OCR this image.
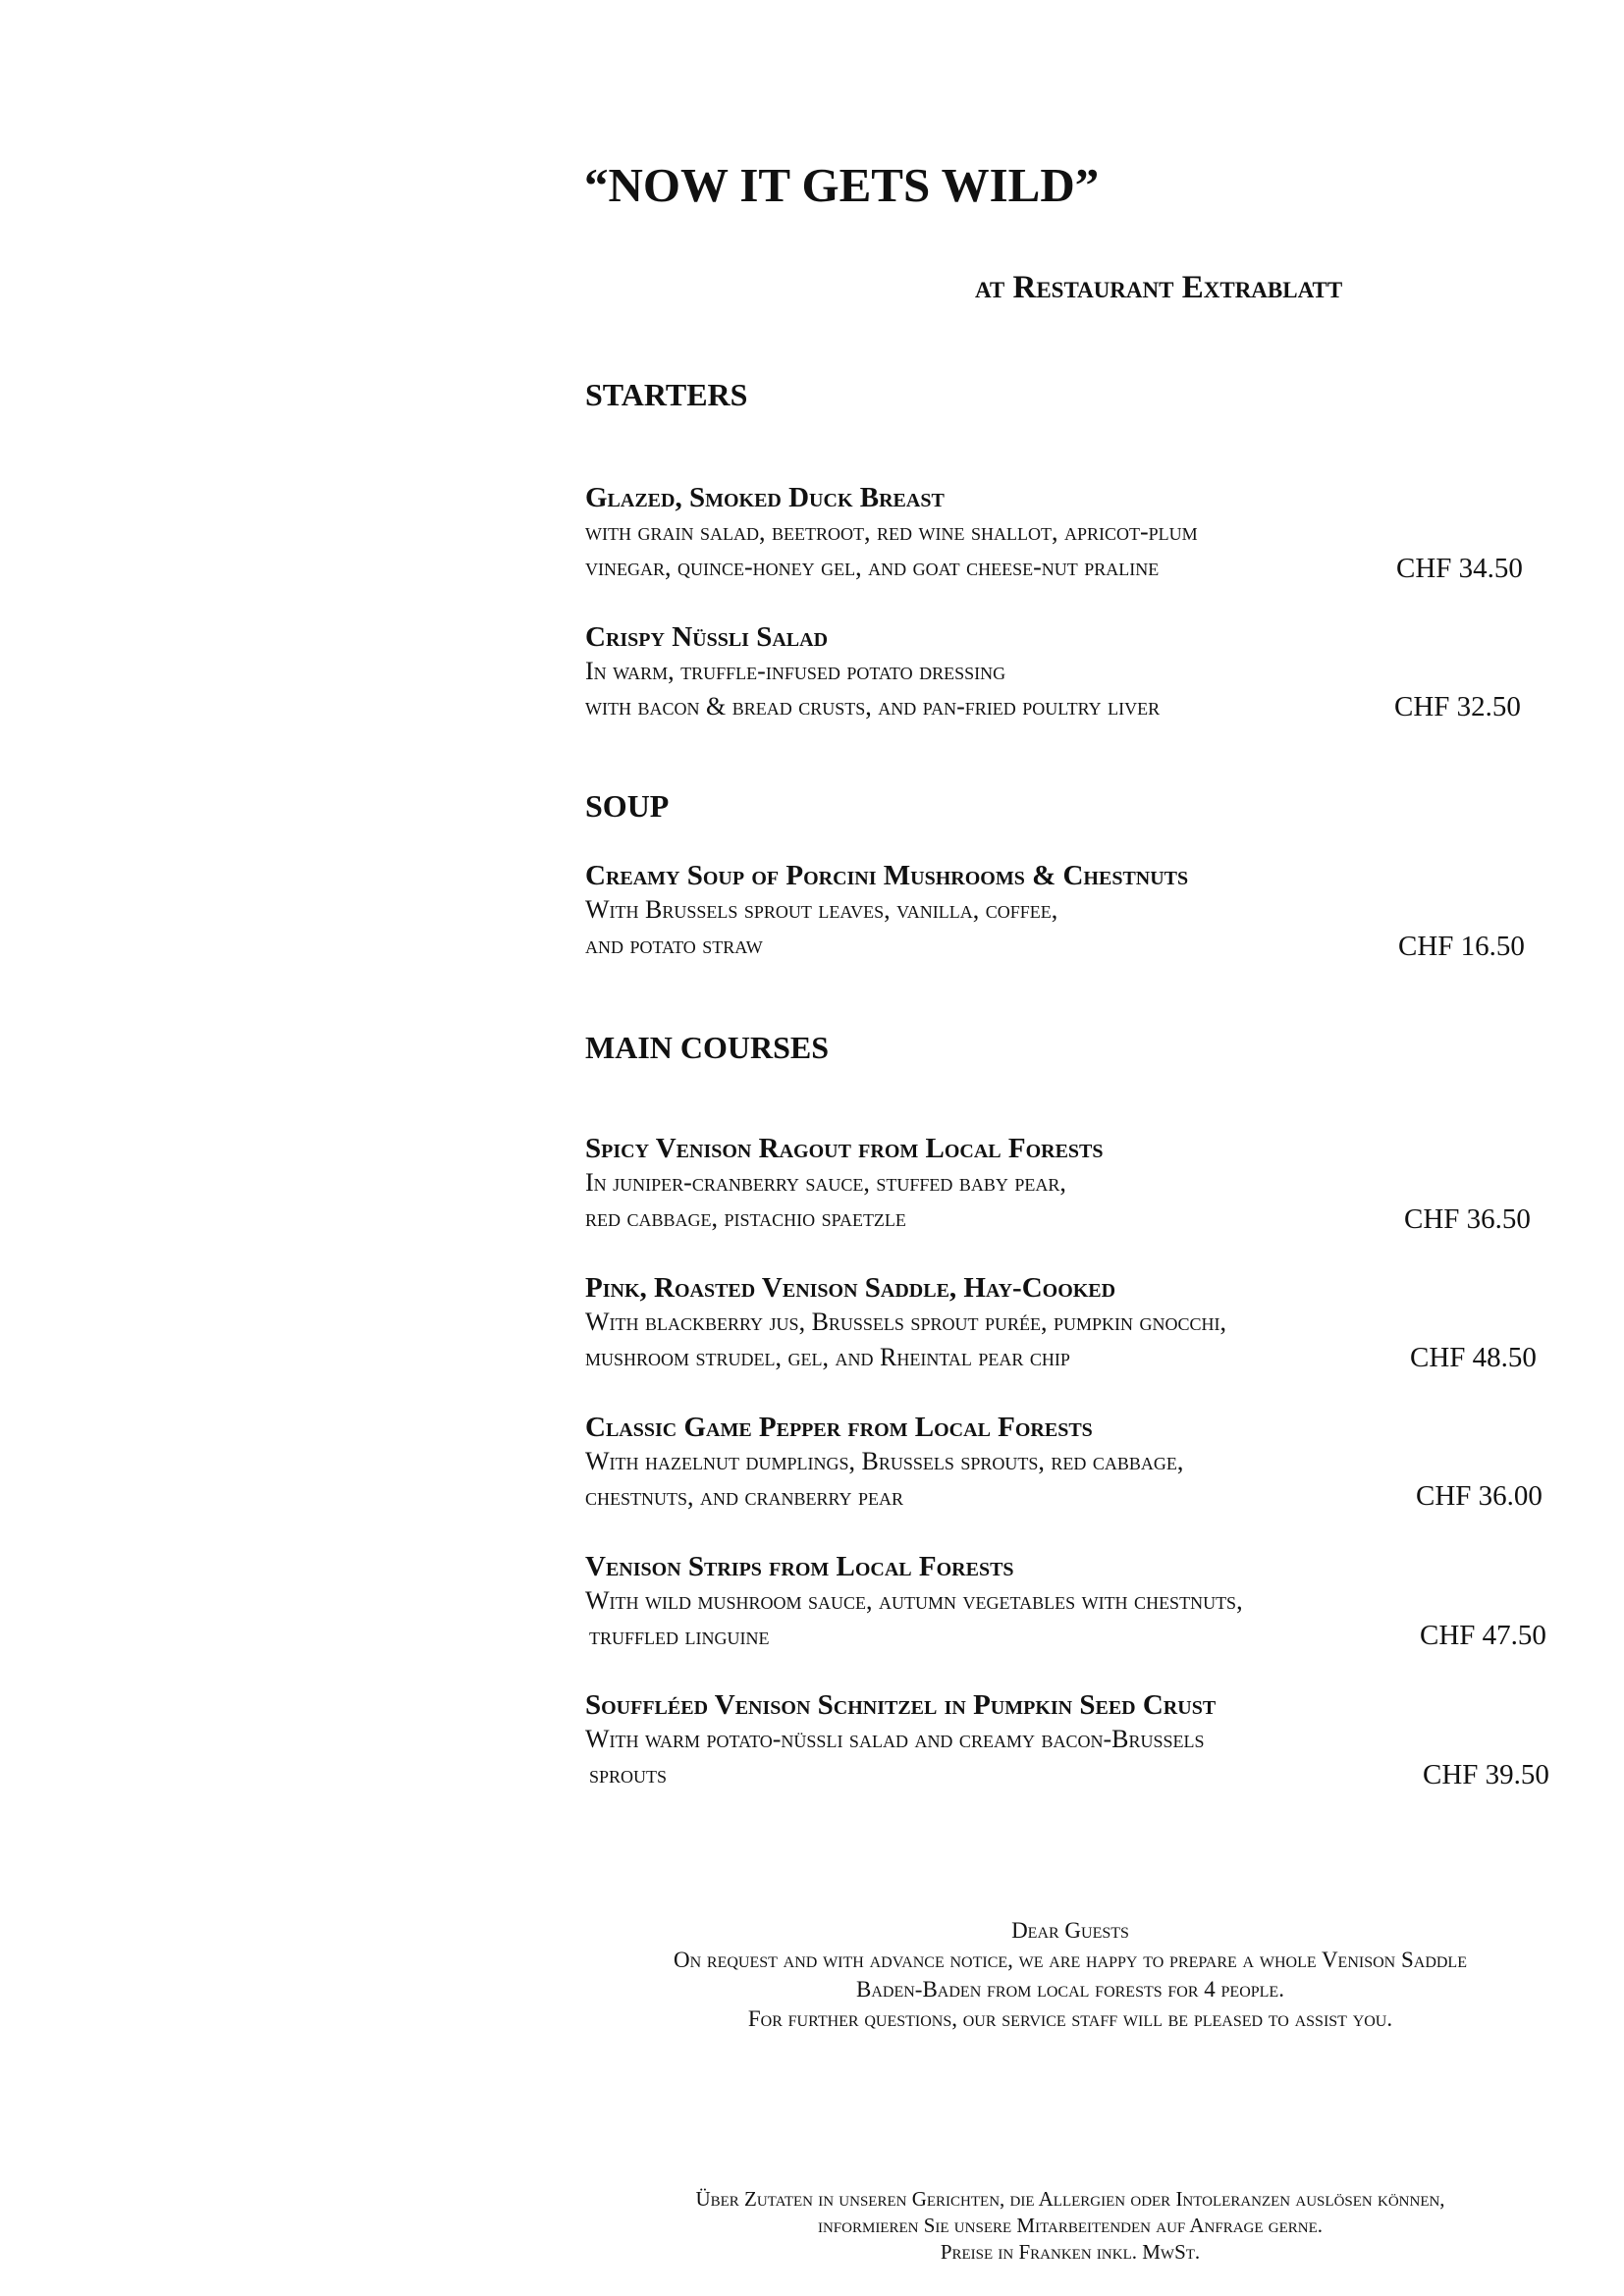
“NOW IT GETS WILD”
at Restaurant Extrablatt
STARTERS
Glazed, Smoked Duck Breast
with grain salad, beetroot, red wine shallot, apricot-plum
vinegar, quince-honey gel, and goat cheese-nut praline	CHF 34.50
Crispy Nüssli Salad
In warm, truffle-infused potato dressing
with bacon & bread crusts, and pan-fried poultry liver	CHF 32.50
SOUP
Creamy Soup of Porcini Mushrooms & Chestnuts
With Brussels sprout leaves, vanilla, coffee,
and potato straw	CHF 16.50
MAIN COURSES
Spicy Venison Ragout from Local Forests
In juniper-cranberry sauce, stuffed baby pear,
red cabbage, pistachio spaetzle	CHF 36.50
Pink, Roasted Venison Saddle, Hay-Cooked
With blackberry jus, Brussels sprout purée, pumpkin gnocchi,
mushroom strudel, gel, and Rheintal pear chip	CHF 48.50
Classic Game Pepper from Local Forests
With hazelnut dumplings, Brussels sprouts, red cabbage,
chestnuts, and cranberry pear	CHF 36.00
Venison Strips from Local Forests
With wild mushroom sauce, autumn vegetables with chestnuts,
truffled linguine	CHF 47.50
Souffléed Venison Schnitzel in Pumpkin Seed Crust
With warm potato-nüssli salad and creamy bacon-Brussels
sprouts	CHF 39.50
Dear Guests
On request and with advance notice, we are happy to prepare a whole Venison Saddle
Baden-Baden from local forests for 4 people.
For further questions, our service staff will be pleased to assist you.
Über Zutaten in unseren Gerichten, die Allergien oder Intoleranzen auslösen können,
informieren Sie unsere Mitarbeitenden auf Anfrage gerne.
Preise in Franken inkl. MwSt.
